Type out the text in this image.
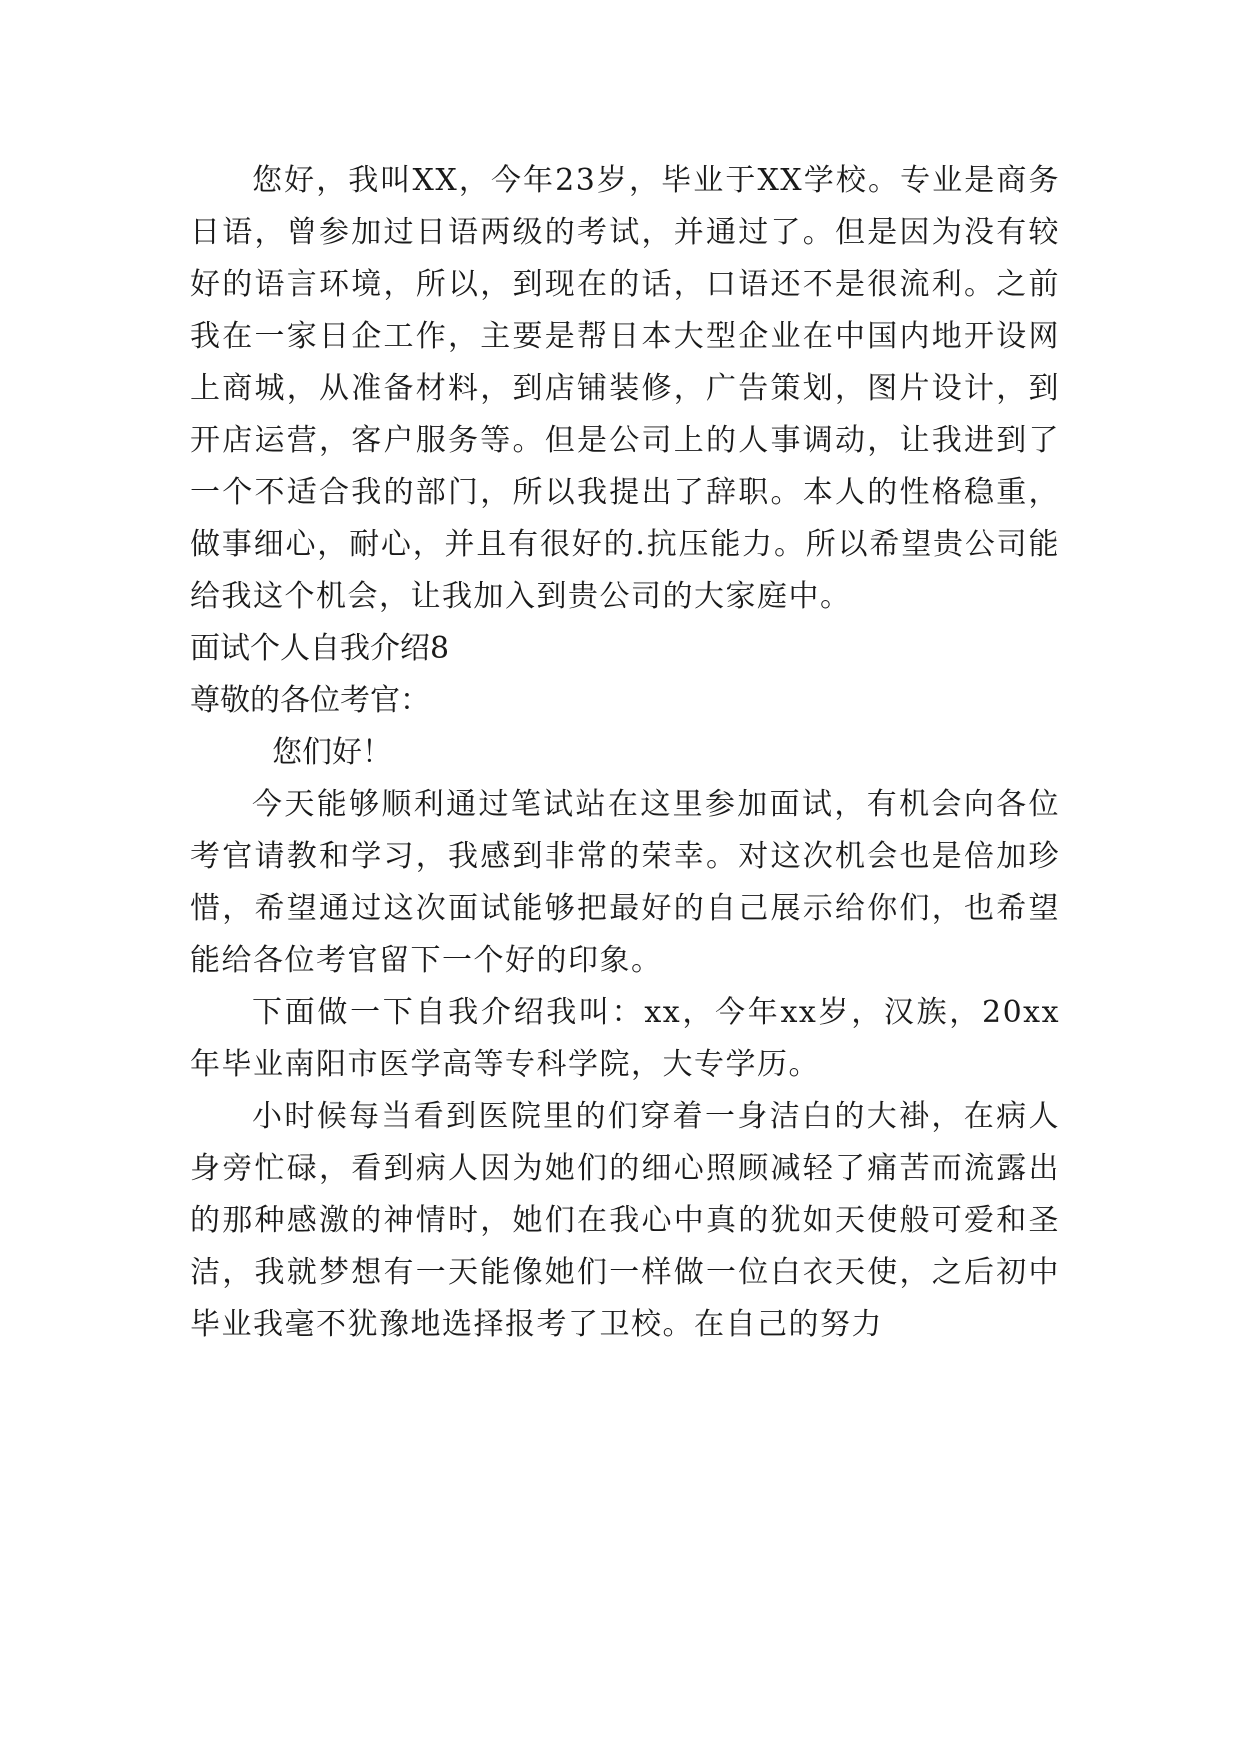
您好，我叫XX，今年23岁，毕业于XX学校。专业是商务日语，曾参加过日语两级的考试，并通过了。但是因为没有较好的语言环境，所以，到现在的话，口语还不是很流利。之前我在一家日企工作，主要是帮日本大型企业在中国内地开设网上商城，从准备材料，到店铺装修，广告策划，图片设计，到开店运营，客户服务等。但是公司上的人事调动，让我进到了一个不适合我的部门，所以我提出了辞职。本人的性格稳重，做事细心，耐心，并且有很好的.抗压能力。所以希望贵公司能给我这个机会，让我加入到贵公司的大家庭中。

面试个人自我介绍8

尊敬的各位考官：

您们好！

今天能够顺利通过笔试站在这里参加面试，有机会向各位考官请教和学习，我感到非常的荣幸。对这次机会也是倍加珍惜，希望通过这次面试能够把最好的自己展示给你们，也希望能给各位考官留下一个好的印象。

下面做一下自我介绍我叫：xx，今年xx岁，汉族，20xx年毕业南阳市医学高等专科学院，大专学历。

小时候每当看到医院里的们穿着一身洁白的大褂，在病人身旁忙碌，看到病人因为她们的细心照顾减轻了痛苦而流露出的那种感激的神情时，她们在我心中真的犹如天使般可爱和圣洁，我就梦想有一天能像她们一样做一位白衣天使，之后初中毕业我毫不犹豫地选择报考了卫校。在自己的努力
